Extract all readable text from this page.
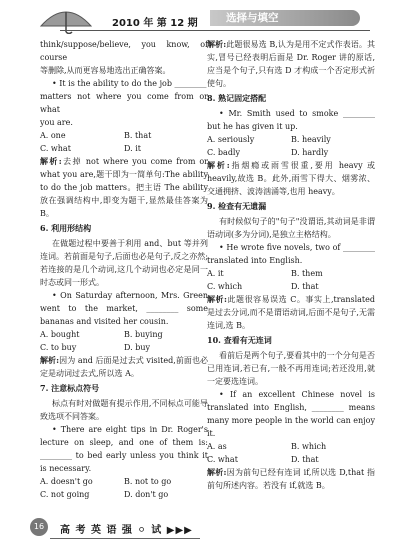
2010 年 第 12 期	选择与填空

think/suppose/believe, you know, of course

等删除,从而更容易地选出正确答案。

• It is the ability to do the job ________

matters not where you come from or what

you are.

A. one	B. that
C. what	D. it

解析:去掉 not where you come from or what you are,题干即为一简单句:The ability to do the job matters。把主语 The ability 放在强调结构中,即变为题干,显然最佳答案为 B。

6. 利用形结构

在做题过程中要善于利用 and、but 等并列连词。若前面是句子,后面也必是句子,反之亦然;若连接的是几个动词,这几个动词也必定是同一时态或同一形式。

• On Saturday afternoon, Mrs. Green went to the market, ________ some bananas and visited her cousin.

A. bought	B. buying
C. to buy	D. buy

解析:因为 and 后面是过去式 visited,前面也必定是动词过去式,所以选 A。

7. 注意标点符号

标点有时对做题有提示作用,不同标点可能导致选项不同答案。

• There are eight tips in Dr. Roger's lecture on sleep, and one of them is: ________ to bed early unless you think it is necessary.

A. doesn't go	B. not to go
C. not going	D. don't go

解析:此题很易选 B,认为是用不定式作表语。其实,冒号已经表明后面是 Dr. Roger 讲的原话,应当是个句子,只有选 D 才构成一个否定形式祈使句。

8. 熟记固定搭配

• Mr. Smith used to smoke ________ but he has given it up.

A. seriously	B. heavily
C. badly	D. hardly

解析:指烟瘾或雨雪很重,要用 heavy 或 heavily,故选 B。此外,雨雪下得大、烟雾浓、交通拥挤、波涛汹涌等,也用 heavy。

9. 检查有无遗漏

有时候似句子的"句子"没谓语,其动词是非谓语动词(多为分词),是独立主格结构。

• He wrote five novels, two of ________ translated into English.

A. it	B. them
C. which	D. that

解析:此题很容易误选 C。事实上,translated 是过去分词,而不是谓语动词,后面不是句子,无需连词,选 B。

10. 查看有无连词

看前后是两个句子,要看其中的一个分句是否已用连词,若已有,一般不再用连词;若还没用,就一定要选连词。

• If an excellent Chinese novel is translated into English, ________ means many more people in the world can enjoy it.

A. as	B. which
C. what	D. that

解析:因为前句已经有连词 if,所以选 D,that 指前句所述内容。若没有 if,就选 B。

16	高 考 英 语 强 ⚪ 试 ▶▶▶
